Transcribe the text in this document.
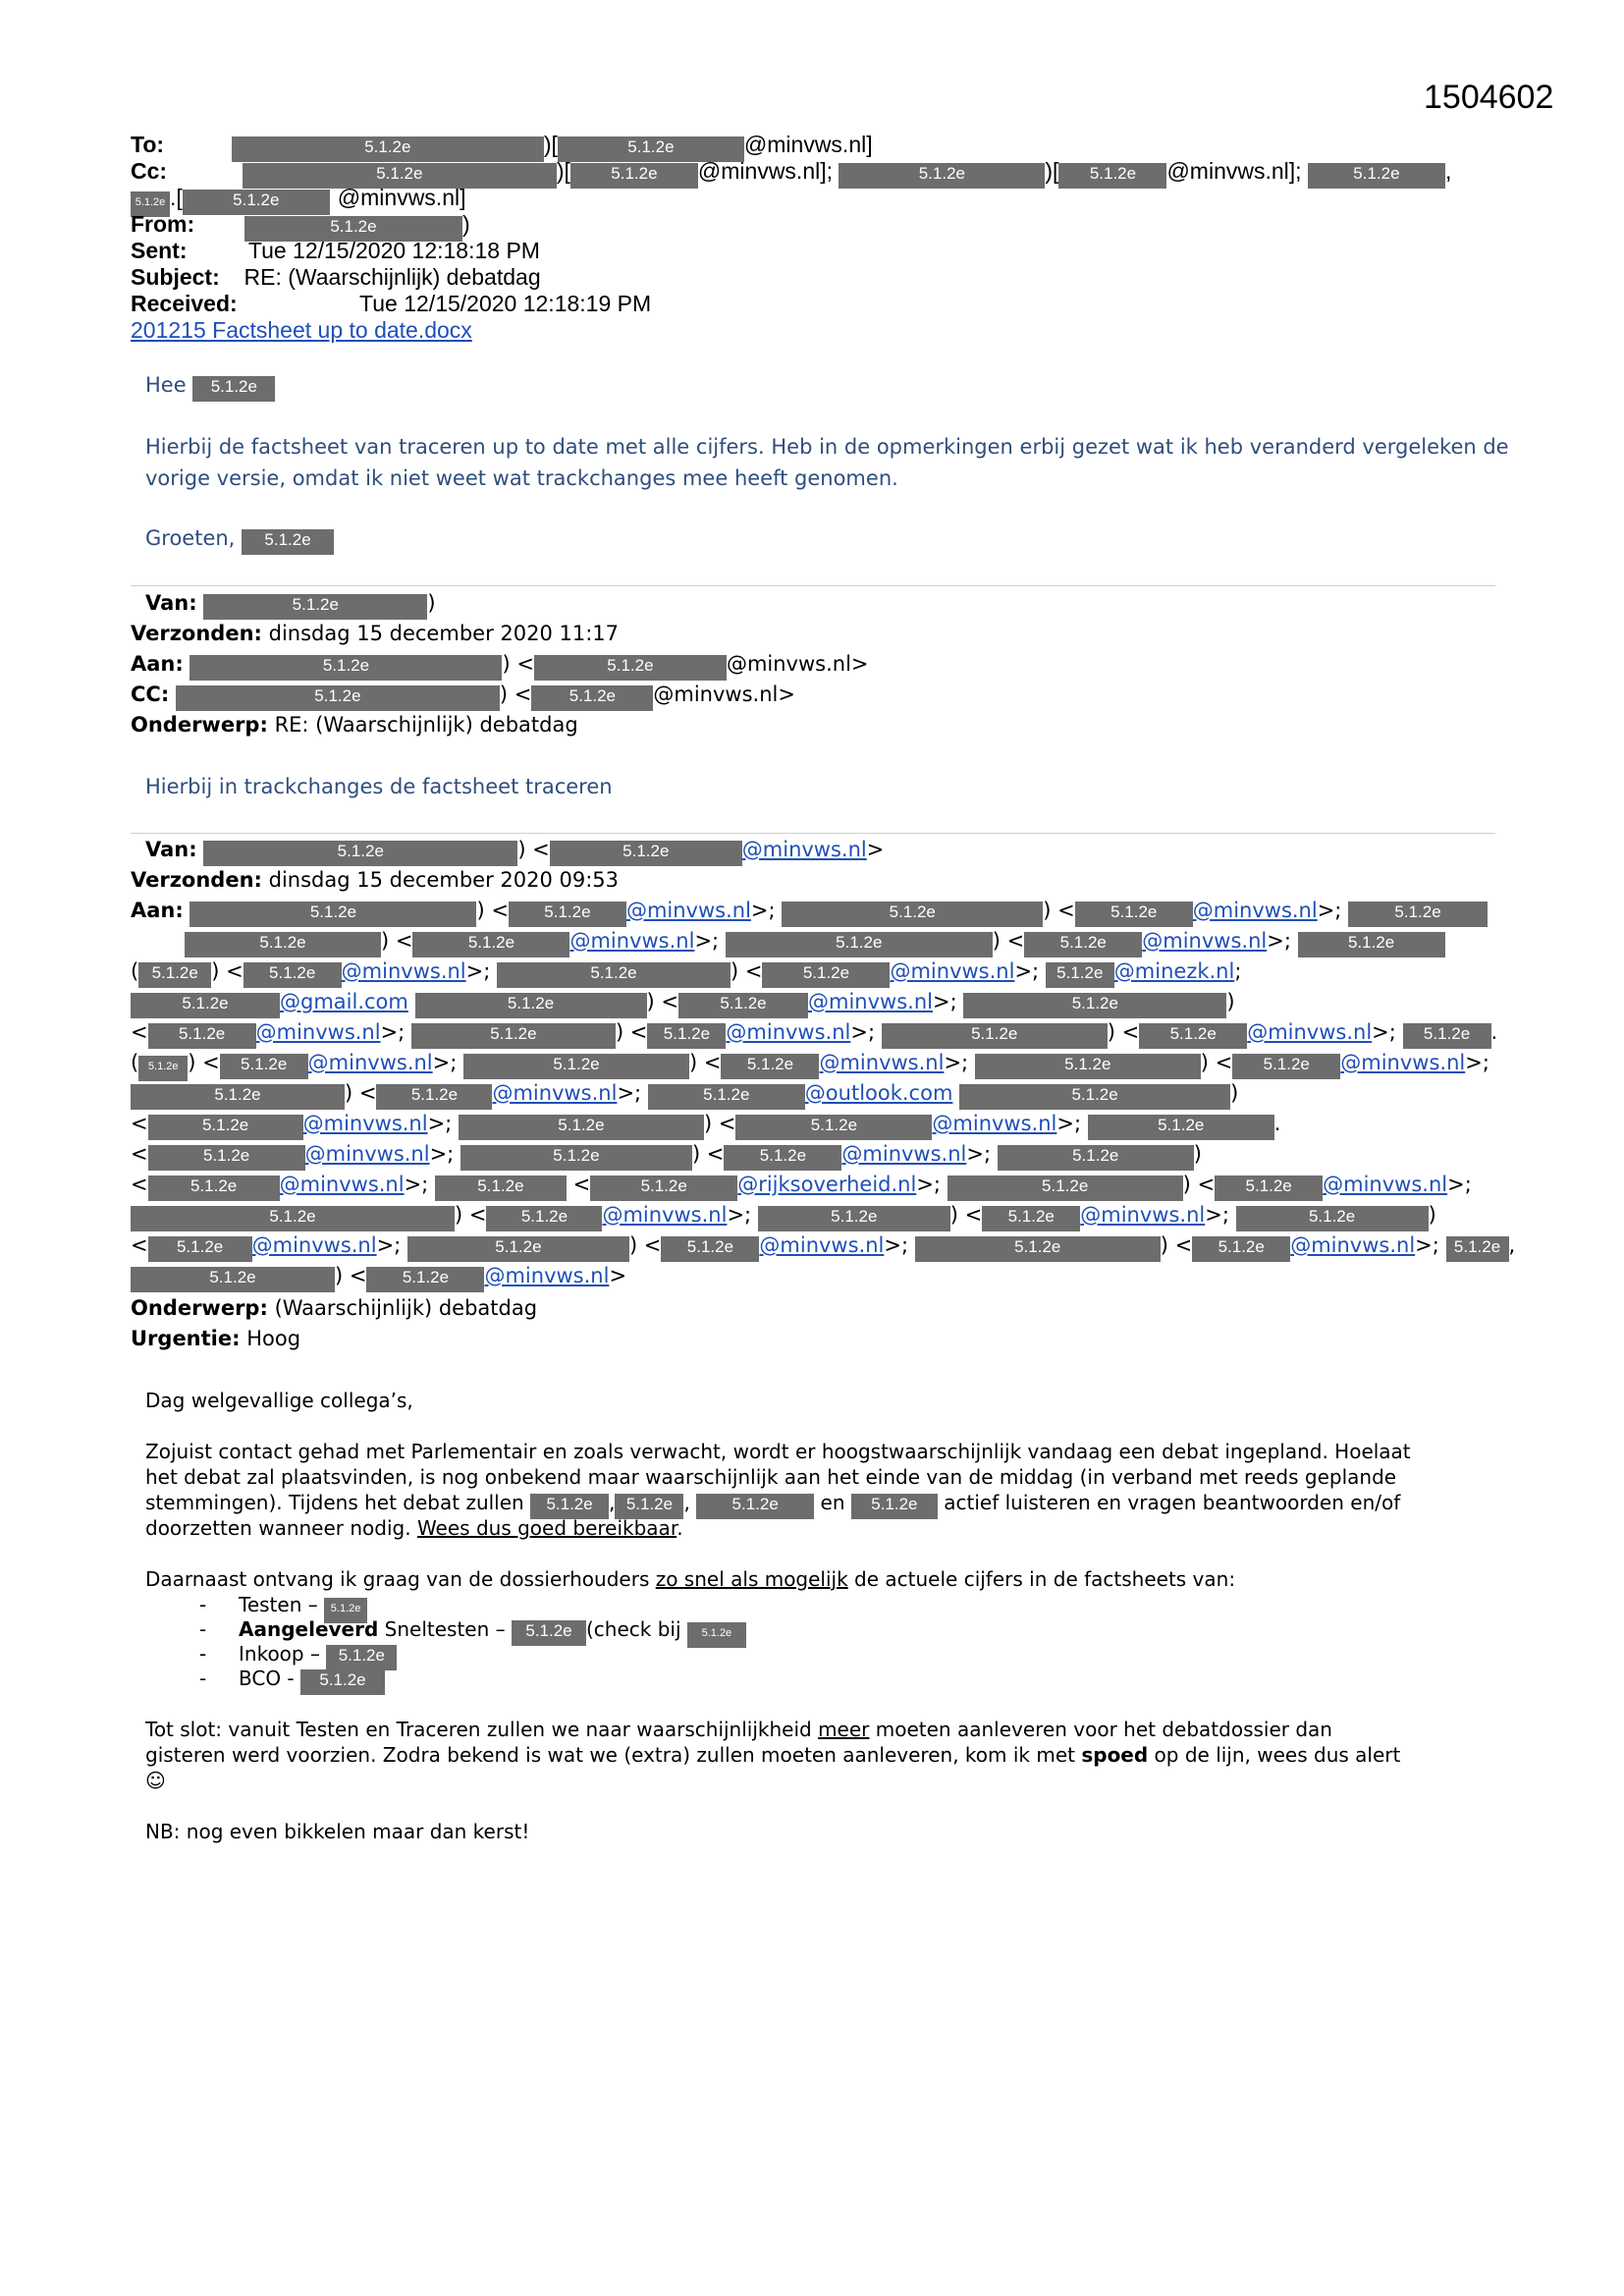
1504602
To:	5.1.2e	)[	5.1.2e	@minvws.nl]
Cc:	5.1.2e	)[ 5.1.2e @minvws.nl];	5.1.2e	)[ 5.1.2e @minvws.nl];	5.1.2e ,
5.1.2e .[	5.1.2e	@minvws.nl]
From:	5.1.2e	)
Sent:	Tue 12/15/2020 12:18:18 PM
Subject: RE: (Waarschijnlijk) debatdag
Received:	Tue 12/15/2020 12:18:19 PM
201215 Factsheet up to date.docx
Hee 5.1.2e
Hierbij de factsheet van traceren up to date met alle cijfers. Heb in de opmerkingen erbij gezet wat ik heb veranderd vergeleken de
vorige versie, omdat ik niet weet wat trackchanges mee heeft genomen.
Groeten, 5.1.2e
Van:	5.1.2e	)
Verzonden: dinsdag 15 december 2020 11:17
Aan:	5.1.2e	) <	5.1.2e	@minvws.nl>
CC:	5.1.2e	) < 5.1.2e @minvws.nl>
Onderwerp: RE: (Waarschijnlijk) debatdag
Hierbij in trackchanges de factsheet traceren
Van:	5.1.2e	) <	5.1.2e	@minvws.nl>
Verzonden: dinsdag 15 december 2020 09:53
Aan:	5.1.2e	) < 5.1.2e @minvws.nl>;	5.1.2e	) < 5.1.2e @minvws.nl>;	5.1.2e
5.1.2e	) <	5.1.2e	@minvws.nl>;	5.1.2e	) < 5.1.2e @minvws.nl>;	5.1.2e
( 5.1.2e ) < 5.1.2e @minvws.nl>;	5.1.2e	) < 5.1.2e @minvws.nl>; 5.1.2e @minezk.nl;
5.1.2e @gmail.com	5.1.2e	) < 5.1.2e @minvws.nl>;	5.1.2e	)
< 5.1.2e @minvws.nl>;	5.1.2e	) < 5.1.2e @minvws.nl>;	5.1.2e	) < 5.1.2e @minvws.nl>; 5.1.2e .
( 5.1.2e ) < 5.1.2e @minvws.nl>;	5.1.2e	) < 5.1.2e @minvws.nl>;	5.1.2e	) < 5.1.2e @minvws.nl>;
5.1.2e	) < 5.1.2e @minvws.nl>;	5.1.2e	@outlook.com	5.1.2e	)
<	5.1.2e	@minvws.nl>;	5.1.2e	) <	5.1.2e	@minvws.nl>;	5.1.2e	.
<	5.1.2e	@minvws.nl>;	5.1.2e	) < 5.1.2e @minvws.nl>;	5.1.2e	)
<	5.1.2e @minvws.nl>;	5.1.2e <	5.1.2e @rijksoverheid.nl>;	5.1.2e	) < 5.1.2e @minvws.nl>;
5.1.2e	) < 5.1.2e @minvws.nl>;	5.1.2e	) < 5.1.2e @minvws.nl>;	5.1.2e	)
< 5.1.2e @minvws.nl>;	5.1.2e	) < 5.1.2e @minvws.nl>;	5.1.2e	) < 5.1.2e @minvws.nl>; 5.1.2e ,
5.1.2e	) < 5.1.2e @minvws.nl>
Onderwerp: (Waarschijnlijk) debatdag
Urgentie: Hoog
Dag welgevallige collega’s,
Zojuist contact gehad met Parlementair en zoals verwacht, wordt er hoogstwaarschijnlijk vandaag een debat ingepland. Hoelaat
het debat zal plaatsvinden, is nog onbekend maar waarschijnlijk aan het einde van de middag (in verband met reeds geplande
stemmingen). Tijdens het debat zullen 5.1.2e , 5.1.2e , 5.1.2e en 5.1.2e actief luisteren en vragen beantwoorden en/of
doorzetten wanneer nodig. Wees dus goed bereikbaar.
Daarnaast ontvang ik graag van de dossierhouders zo snel als mogelijk de actuele cijfers in de factsheets van:
- Testen – 5.1.2e
- Aangeleverd Sneltesten – 5.1.2e (check bij 5.1.2e
- Inkoop – 5.1.2e
- BCO - 5.1.2e
Tot slot: vanuit Testen en Traceren zullen we naar waarschijnlijkheid meer moeten aanleveren voor het debatdossier dan
gisteren werd voorzien. Zodra bekend is wat we (extra) zullen moeten aanleveren, kom ik met spoed op de lijn, wees dus alert
☺
NB: nog even bikkelen maar dan kerst!
